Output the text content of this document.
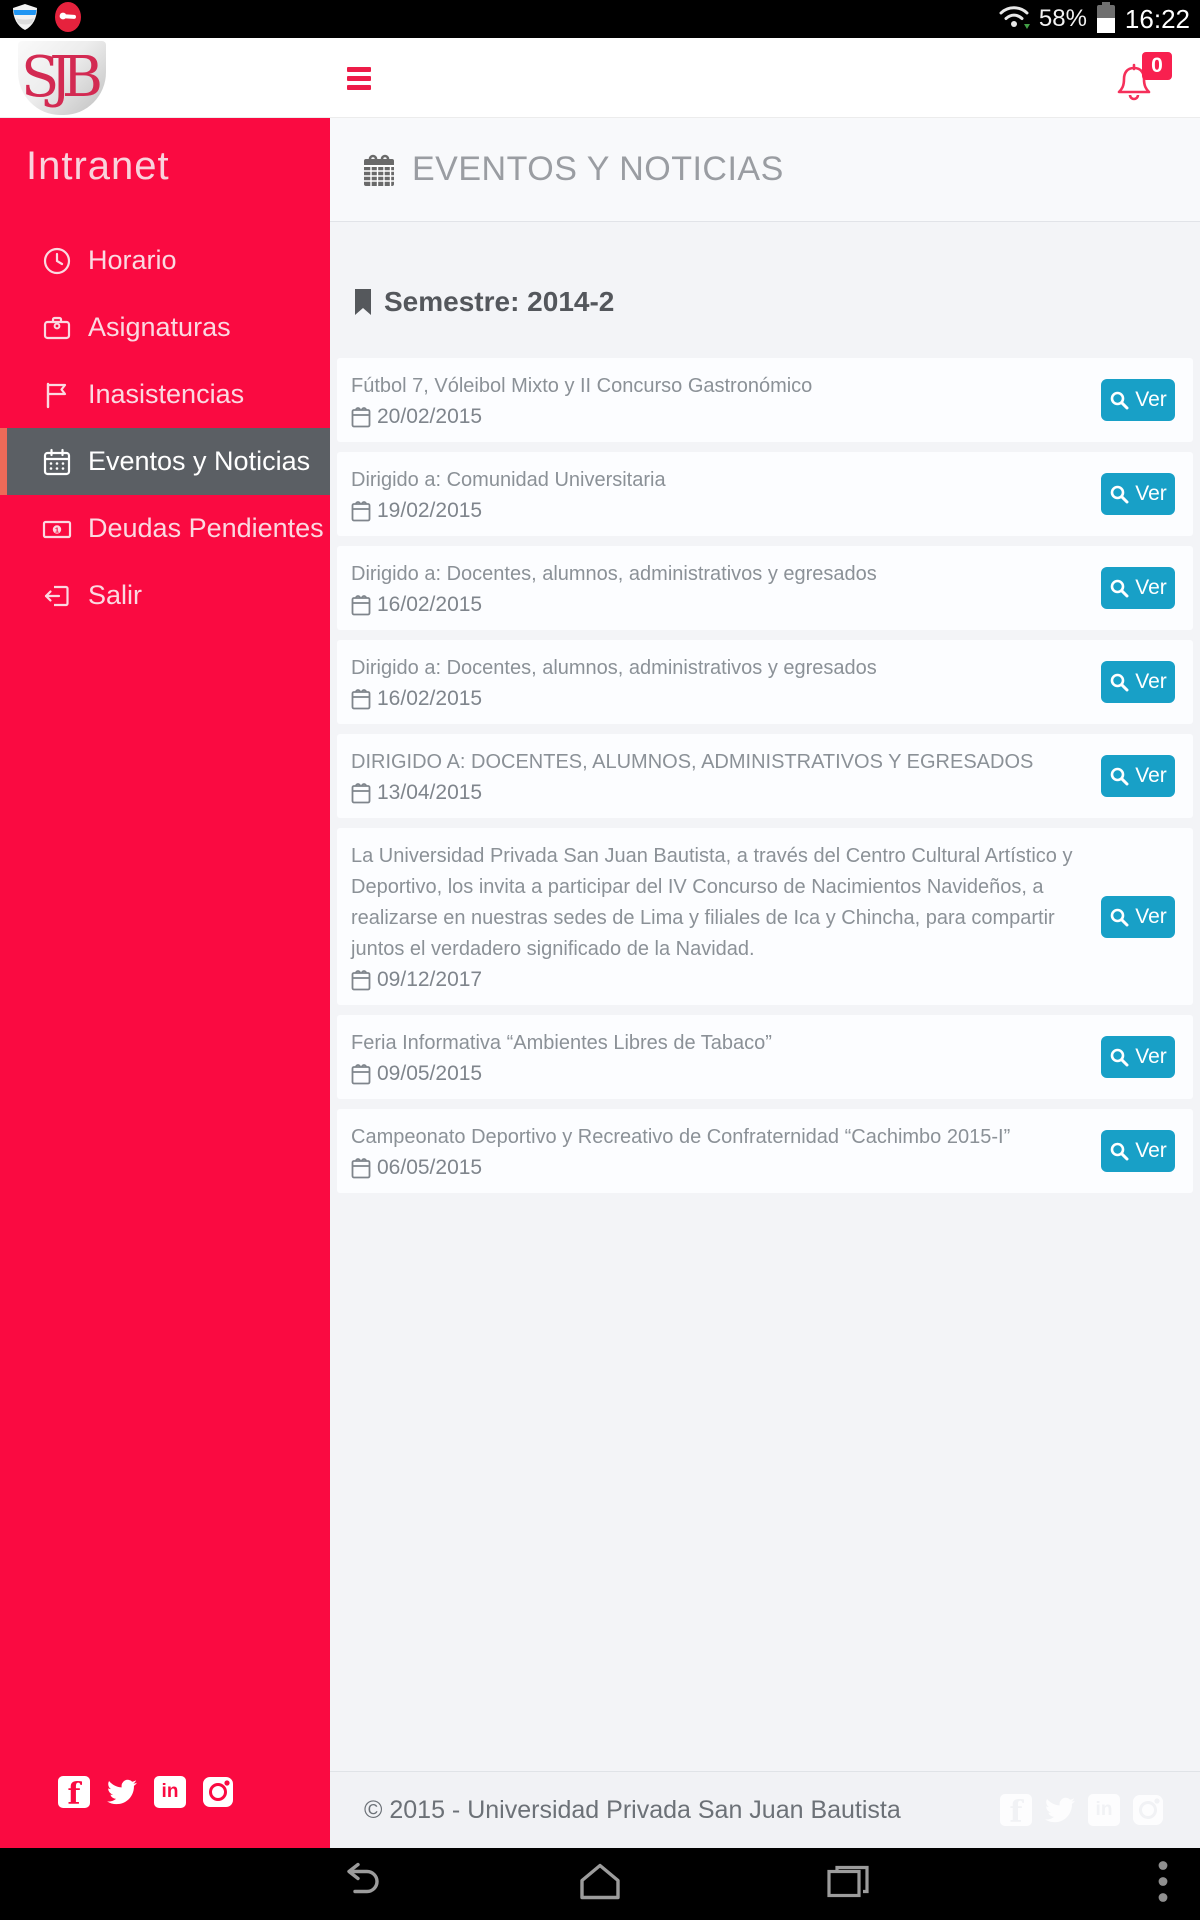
58% 16:22
SJB	0
Intranet
Horario
Asignaturas
Inasistencias
Eventos y Noticias
1 Deudas Pendientes
Salir
f	in
EVENTOS Y NOTICIAS
Semestre: 2014-2
Fútbol 7, Vóleibol Mixto y II Concurso Gastronómico
20/02/2015
Ver
Dirigido a: Comunidad Universitaria
19/02/2015
Ver
Dirigido a: Docentes, alumnos, administrativos y egresados
16/02/2015
Ver
Dirigido a: Docentes, alumnos, administrativos y egresados
16/02/2015
Ver
DIRIGIDO A: DOCENTES, ALUMNOS, ADMINISTRATIVOS Y EGRESADOS
13/04/2015
Ver
La Universidad Privada San Juan Bautista, a través del Centro Cultural Artístico y Deportivo, los invita a participar del IV Concurso de Nacimientos Navideños, a realizarse en nuestras sedes de Lima y filiales de Ica y Chincha, para compartir juntos el verdadero significado de la Navidad.
09/12/2017
Ver
Feria Informativa “Ambientes Libres de Tabaco”
09/05/2015
Ver
Campeonato Deportivo y Recreativo de Confraternidad “Cachimbo 2015-I”
06/05/2015
Ver
© 2015 - Universidad Privada San Juan Bautista	f	in
